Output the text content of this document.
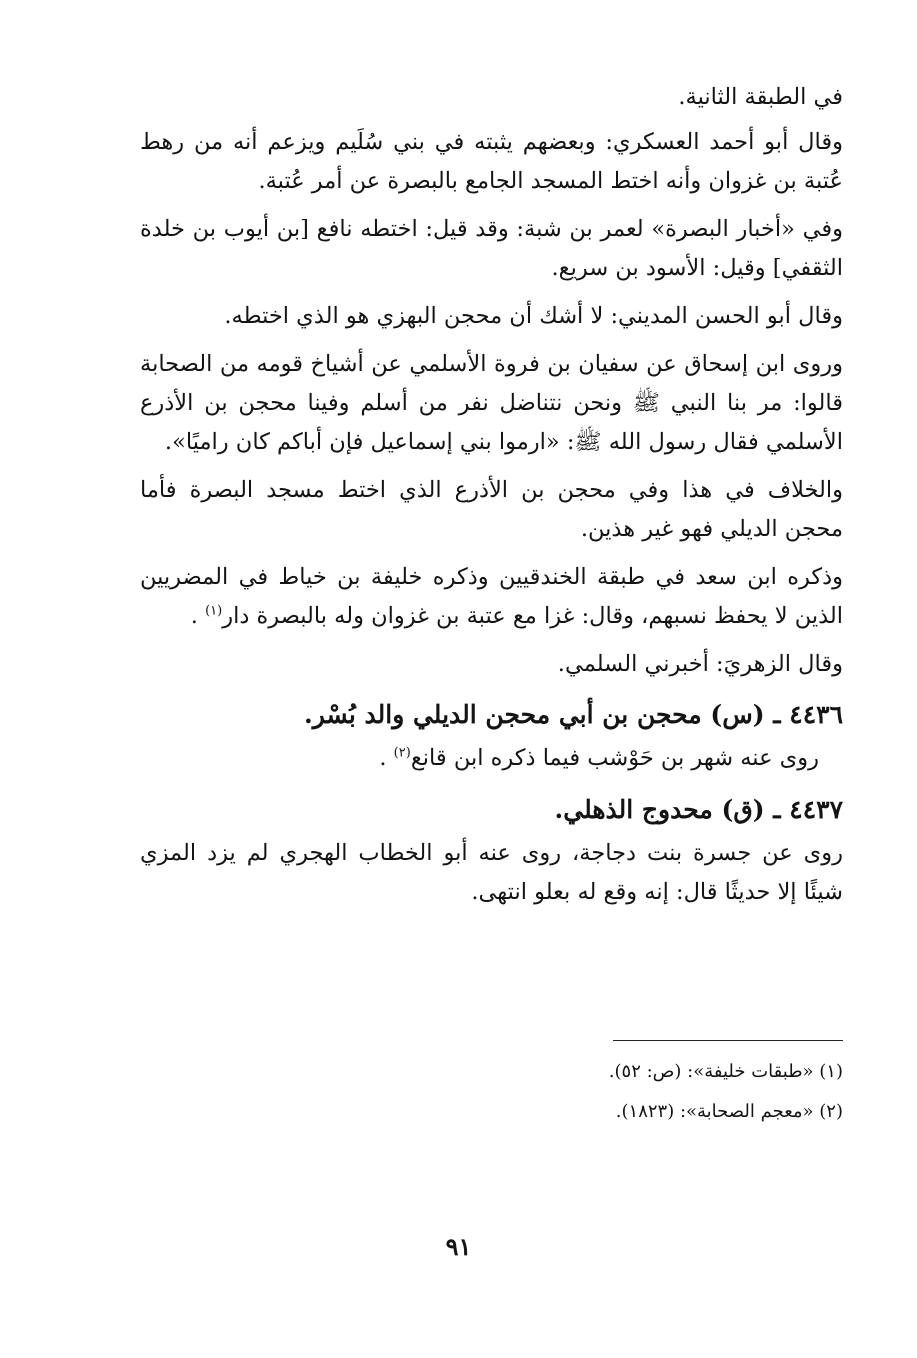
في الطبقة الثانية.

وقال أبو أحمد العسكري: وبعضهم يثبته في بني سُلَيم ويزعم أنه من رهط عُتبة بن غزوان وأنه اختط المسجد الجامع بالبصرة عن أمر عُتبة.

وفي «أخبار البصرة» لعمر بن شبة: وقد قيل: اختطه نافع [بن أيوب بن خلدة الثقفي] وقيل: الأسود بن سريع.

وقال أبو الحسن المديني: لا أشك أن محجن البهزي هو الذي اختطه.

وروى ابن إسحاق عن سفيان بن فروة الأسلمي عن أشياخ قومه من الصحابة قالوا: مر بنا النبي ﷺ ونحن نتناضل نفر من أسلم وفينا محجن بن الأذرع الأسلمي فقال رسول الله ﷺ: «ارموا بني إسماعيل فإن أباكم كان راميًا».

والخلاف في هذا وفي محجن بن الأذرع الذي اختط مسجد البصرة فأما محجن الديلي فهو غير هذين.

وذكره ابن سعد في طبقة الخندقيين وذكره خليفة بن خياط في المضريين الذين لا يحفظ نسبهم، وقال: غزا مع عتبة بن غزوان وله بالبصرة دار$^{(١)}$ .

وقال الزهريَ: أخبرني السلمي.

٤٤٣٦ ـ (س) محجن بن أبي محجن الديلي والد بُسْر.

روى عنه شهر بن حَوْشب فيما ذكره ابن قانع$^{(٢)}$ .

٤٤٣٧ ـ (ق) محدوج الذهلي.

روى عن جسرة بنت دجاجة، روى عنه أبو الخطاب الهجري لم يزد المزي شيئًا إلا حديثًا قال: إنه وقع له بعلو انتهى.

(١) «طبقات خليفة»: (ص: ٥٢).
(٢) «معجم الصحابة»: (١٨٢٣).
٩١
